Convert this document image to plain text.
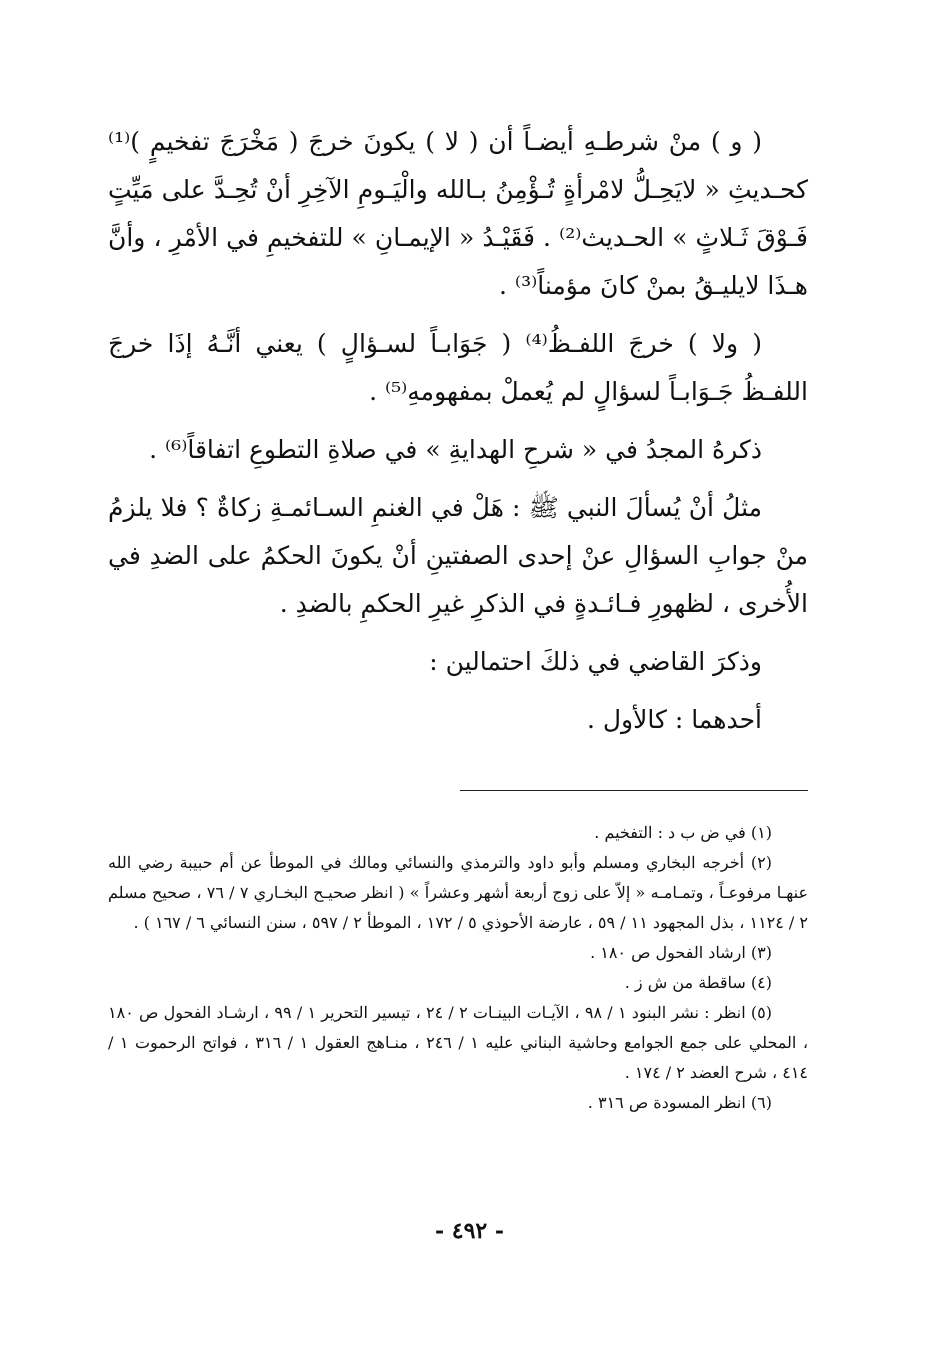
( و ) منْ شرطـهِ أيضـاً أن ( لا ) يكونَ خرجَ ( مَخْرَجَ تفخيمٍ )⁽¹⁾ كحـديثِ « لايَحِـلُّ لامْرأةٍ تُـؤْمِنُ بـالله والْيَـومِ الآخِرِ أنْ تُحِـدَّ على مَيِّتٍ فَـوْقَ ثَـلاثٍ » الحـديث⁽²⁾ . فَقَيْـدُ « الإيمـانِ » للتفخيمِ في الأمْرِ ، وأنَّ هـذَا لايليـقُ بمنْ كانَ مؤمناً⁽³⁾ .

( ولا ) خرجَ اللفـظُ⁽⁴⁾ ( جَوَابـاً لسـؤالٍ ) يعني أنَّـهُ إذَا خرجَ اللفـظُ جَـوَابـاً لسؤالٍ لم يُعملْ بمفهومهِ⁽⁵⁾ .

ذكرهُ المجدُ في « شرحِ الهدايةِ » في صلاةِ التطوعِ اتفاقاً⁽⁶⁾ .

مثلُ أنْ يُسألَ النبي ﷺ : هَلْ في الغنمِ السـائمـةِ زكاةٌ ؟ فلا يلزمُ منْ جوابِ السؤالِ عنْ إحدى الصفتينِ أنْ يكونَ الحكمُ على الضدِ في الأُخرى ، لظهورِ فـائـدةٍ في الذكرِ غيرِ الحكمِ بالضدِ .

وذكرَ القاضي في ذلكَ احتمالين :

أحدهما : كالأول .

(١) في ض ب د : التفخيم .

(٢) أخرجه البخاري ومسلم وأبو داود والترمذي والنسائي ومالك في الموطأ عن أم حبيبة رضي الله عنهـا مرفوعـاً ، وتمـامـه « إلاّ على زوج أربعة أشهر وعشراً » ( انظر صحيـح البخـاري ٧ / ٧٦ ، صحيح مسلم ٢ / ١١٢٤ ، بذل المجهود ١١ / ٥٩ ، عارضة الأحوذي ٥ / ١٧٢ ، الموطأ ٢ / ٥٩٧ ، سنن النسائي ٦ / ١٦٧ ) .

(٣) ارشاد الفحول ص ١٨٠ .

(٤) ساقطة من ش ز .

(٥) انظر : نشر البنود ١ / ٩٨ ، الآيـات البينـات ٢ / ٢٤ ، تيسير التحرير ١ / ٩٩ ، ارشـاد الفحول ص ١٨٠ ، المحلي على جمع الجوامع وحاشية البناني عليه ١ / ٢٤٦ ، منـاهج العقول ١ / ٣١٦ ، فواتح الرحموت ١ / ٤١٤ ، شرح العضد ٢ / ١٧٤ .

(٦) انظر المسودة ص ٣١٦ .

- ٤٩٢ -
